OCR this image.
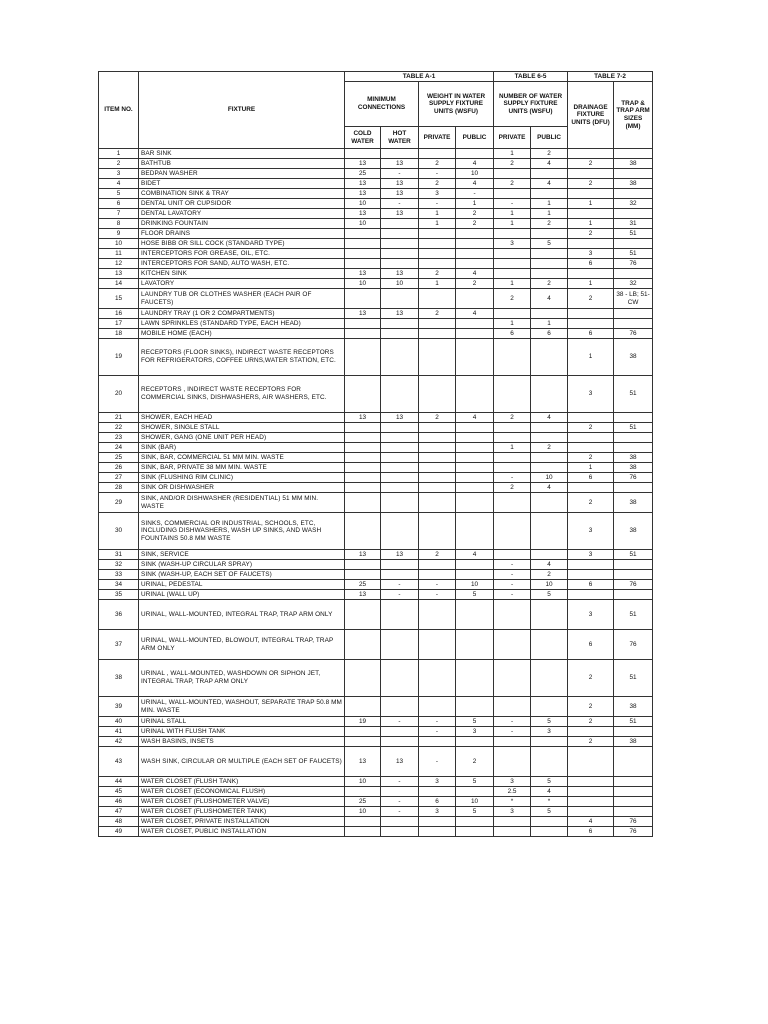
ITEM NO.	FIXTURE	TABLE A-1				TABLE 6-5		TABLE 7-2	
		MINIMUM CONNECTIONS		WEIGHT IN WATER SUPPLY FIXTURE UNITS (WSFU)		NUMBER OF WATER SUPPLY FIXTURE UNITS (WSFU)		DRAINAGE FIXTURE UNITS (DFU)	TRAP & TRAP ARM SIZES (MM)
		COLD WATER	HOT WATER	PRIVATE	PUBLIC	PRIVATE	PUBLIC		
1	BAR SINK					1	2		
2	BATHTUB	13	13	2	4	2	4	2	38
3	BEDPAN WASHER	25	-	-	10				
4	BIDET	13	13	2	4	2	4	2	38
5	COMBINATION SINK & TRAY	13	13	3	-				
6	DENTAL UNIT OR CUPSIDOR	10	-	-	1	-	1	1	32
7	DENTAL LAVATORY	13	13	1	2	1	1		
8	DRINKING FOUNTAIN	10		1	2	1	2	1	31
9	FLOOR DRAINS							2	51
10	HOSE BIBB OR SILL COCK (STANDARD TYPE)					3	5		
11	INTERCEPTORS FOR GREASE, OIL, ETC.							3	51
12	INTERCEPTORS FOR SAND, AUTO WASH, ETC.							6	76
13	KITCHEN SINK	13	13	2	4				
14	LAVATORY	10	10	1	2	1	2	1	32
15	LAUNDRY TUB OR CLOTHES WASHER (EACH PAIR OF FAUCETS)					2	4	2	38 - LB; 51- CW
16	LAUNDRY TRAY (1 OR 2 COMPARTMENTS)	13	13	2	4				
17	LAWN SPRINKLES (STANDARD TYPE, EACH HEAD)					1	1		
18	MOBILE HOME (EACH)					6	6	6	76
19	RECEPTORS (FLOOR SINKS), INDIRECT WASTE RECEPTORS FOR REFRIGERATORS, COFFEE URNS,WATER STATION, ETC.							1	38
20	RECEPTORS , INDIRECT WASTE RECEPTORS FOR COMMERCIAL SINKS, DISHWASHERS, AIR WASHERS, ETC.							3	51
21	SHOWER, EACH HEAD	13	13	2	4	2	4		
22	SHOWER, SINGLE STALL							2	51
23	SHOWER, GANG (ONE UNIT PER HEAD)								
24	SINK (BAR)					1	2		
25	SINK, BAR, COMMERCIAL 51 MM MIN. WASTE							2	38
26	SINK, BAR, PRIVATE 38 MM MIN. WASTE							1	38
27	SINK (FLUSHING RIM CLINIC)					-	10	6	76
28	SINK OR DISHWASHER					2	4		
29	SINK, AND/OR DISHWASHER (RESIDENTIAL) 51 MM MIN. WASTE							2	38
30	SINKS, COMMERCIAL OR INDUSTRIAL, SCHOOLS, ETC, INCLUDING DISHWASHERS, WASH UP SINKS, AND WASH FOUNTAINS 50.8 MM WASTE							3	38
31	SINK, SERVICE	13	13	2	4			3	51
32	SINK (WASH-UP CIRCULAR SPRAY)					-	4		
33	SINK (WASH-UP, EACH SET OF FAUCETS)					-	2		
34	URINAL, PEDESTAL	25	-	-	10	-	10	6	76
35	URINAL (WALL UP)	13	-	-	5	-	5		
36	URINAL, WALL-MOUNTED, INTEGRAL TRAP, TRAP ARM ONLY							3	51
37	URINAL, WALL-MOUNTED, BLOWOUT, INTEGRAL TRAP, TRAP ARM ONLY							6	76
38	URINAL , WALL-MOUNTED, WASHDOWN OR SIPHON JET, INTEGRAL TRAP, TRAP ARM ONLY							2	51
39	URINAL, WALL-MOUNTED, WASHOUT, SEPARATE TRAP 50.8 MM MIN. WASTE							2	38
40	URINAL STALL	19	-	-	5	-	5	2	51
41	URINAL WITH FLUSH TANK			-	3	-	3		
42	WASH BASINS, INSETS							2	38
43	WASH SINK, CIRCULAR OR MULTIPLE (EACH SET OF FAUCETS)	13	13	-	2				
44	WATER CLOSET (FLUSH TANK)	10	-	3	5	3	5		
45	WATER CLOSET (ECONOMICAL FLUSH)					2.5	4		
46	WATER CLOSET (FLUSHOMETER VALVE)	25	-	6	10	*	*		
47	WATER CLOSET (FLUSHOMETER TANK)	10	-	3	5	3	5		
48	WATER CLOSET, PRIVATE INSTALLATION							4	76
49	WATER CLOSET, PUBLIC INSTALLATION							6	76
